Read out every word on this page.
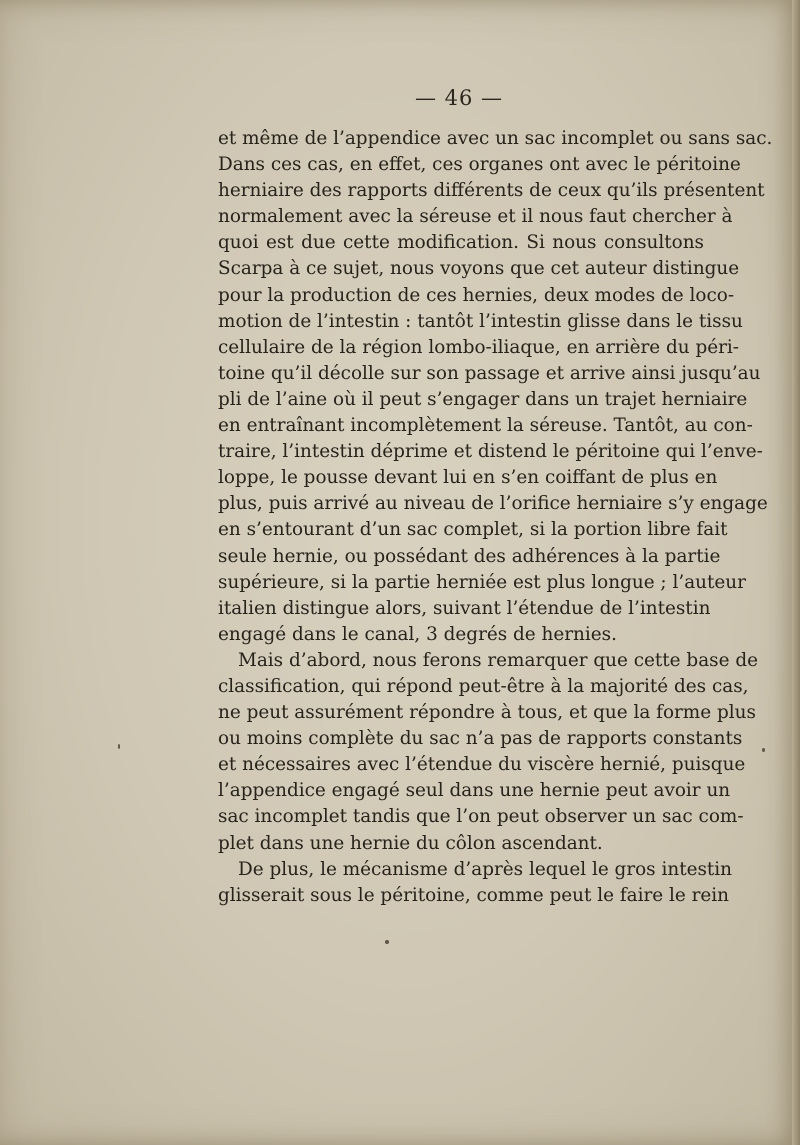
— 46 —
et même de l’appendice avec un sac incomplet ou sans sac.
Dans ces cas, en effet, ces organes ont avec le péritoine
herniaire des rapports différents de ceux qu’ils présentent
normalement avec la séreuse et il nous faut chercher à
quoi est due cette modification. Si nous consultons
Scarpa à ce sujet, nous voyons que cet auteur distingue
pour la production de ces hernies, deux modes de loco-
motion de l’intestin : tantôt l’intestin glisse dans le tissu
cellulaire de la région lombo-iliaque, en arrière du péri-
toine qu’il décolle sur son passage et arrive ainsi jusqu’au
pli de l’aine où il peut s’engager dans un trajet herniaire
en entraînant incomplètement la séreuse. Tantôt, au con-
traire, l’intestin déprime et distend le péritoine qui l’enve-
loppe, le pousse devant lui en s’en coiffant de plus en
plus, puis arrivé au niveau de l’orifice herniaire s’y engage
en s’entourant d’un sac complet, si la portion libre fait
seule hernie, ou possédant des adhérences à la partie
supérieure, si la partie herniée est plus longue ; l’auteur
italien distingue alors, suivant l’étendue de l’intestin
engagé dans le canal, 3 degrés de hernies.
Mais d’abord, nous ferons remarquer que cette base de
classification, qui répond peut-être à la majorité des cas,
ne peut assurément répondre à tous, et que la forme plus
ou moins complète du sac n’a pas de rapports constants
et nécessaires avec l’étendue du viscère hernié, puisque
l’appendice engagé seul dans une hernie peut avoir un
sac incomplet tandis que l’on peut observer un sac com-
plet dans une hernie du côlon ascendant.
De plus, le mécanisme d’après lequel le gros intestin
glisserait sous le péritoine, comme peut le faire le rein
